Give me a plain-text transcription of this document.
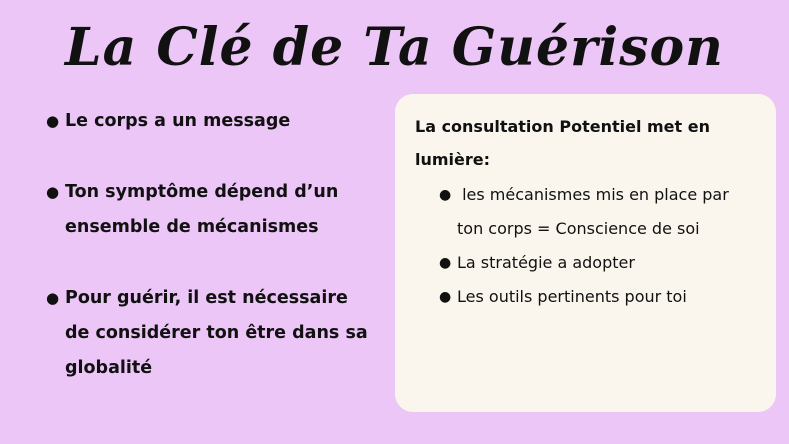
La Clé de Ta Guérison
● Le corps a un message
● Ton symptôme dépend d’un ensemble de mécanismes
● Pour guérir, il est nécessaire de considérer ton être dans sa globalité
La consultation Potentiel met en lumière:
● les mécanismes mis en place par ton corps = Conscience de soi
● La stratégie a adopter
● Les outils pertinents pour toi
